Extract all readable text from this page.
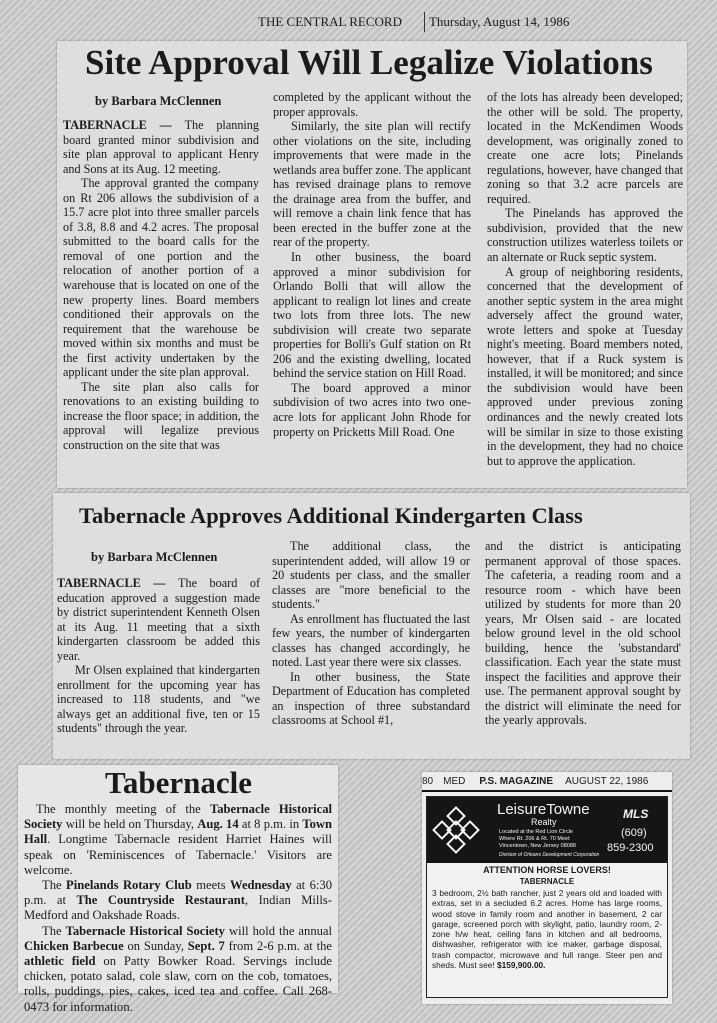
THE CENTRAL RECORD	Thursday, August 14, 1986
Site Approval Will Legalize Violations
by Barbara McClennen

TABERNACLE — The planning board granted minor subdivision and site plan approval to applicant Henry and Sons at its Aug. 12 meeting.

The approval granted the company on Rt 206 allows the subdivision of a 15.7 acre plot into three smaller parcels of 3.8, 8.8 and 4.2 acres. The proposal submitted to the board calls for the removal of one portion and the relocation of another portion of a warehouse that is located on one of the new property lines. Board members conditioned their approvals on the requirement that the warehouse be moved within six months and must be the first activity undertaken by the applicant under the site plan approval.

The site plan also calls for renovations to an existing building to increase the floor space; in addition, the approval will legalize previous construction on the site that was

completed by the applicant without the proper approvals.

Similarly, the site plan will rectify other violations on the site, including improvements that were made in the wetlands area buffer zone. The applicant has revised drainage plans to remove the drainage area from the buffer, and will remove a chain link fence that has been erected in the buffer zone at the rear of the property.

In other business, the board approved a minor subdivision for Orlando Bolli that will allow the applicant to realign lot lines and create two lots from three lots. The new subdivision will create two separate properties for Bolli's Gulf station on Rt 206 and the existing dwelling, located behind the service station on Hill Road.

The board approved a minor subdivision of two acres into two one-acre lots for applicant John Rhode for property on Pricketts Mill Road. One

of the lots has already been developed; the other will be sold. The property, located in the McKendimen Woods development, was originally zoned to create one acre lots; Pinelands regulations, however, have changed that zoning so that 3.2 acre parcels are required.

The Pinelands has approved the subdivision, provided that the new construction utilizes waterless toilets or an alternate or Ruck septic system.

A group of neighboring residents, concerned that the development of another septic system in the area might adversely affect the ground water, wrote letters and spoke at Tuesday night's meeting. Board members noted, however, that if a Ruck system is installed, it will be monitored; and since the subdivision would have been approved under previous zoning ordinances and the newly created lots will be similar in size to those existing in the development, they had no choice but to approve the application.

Tabernacle Approves Additional Kindergarten Class
by Barbara McClennen

TABERNACLE — The board of education approved a suggestion made by district superintendent Kenneth Olsen at its Aug. 11 meeting that a sixth kindergarten classroom be added this year.

Mr Olsen explained that kindergarten enrollment for the upcoming year has increased to 118 students, and "we always get an additional five, ten or 15 students" through the year.

The additional class, the superintendent added, will allow 19 or 20 students per class, and the smaller classes are "more beneficial to the students."

As enrollment has fluctuated the last few years, the number of kindergarten classes has changed accordingly, he noted. Last year there were six classes.

In other business, the State Department of Education has completed an inspection of three substandard classrooms at School #1,

and the district is anticipating permanent approval of those spaces. The cafeteria, a reading room and a resource room - which have been utilized by students for more than 20 years, Mr Olsen said - are located below ground level in the old school building, hence the 'substandard' classification. Each year the state must inspect the facilities and approve their use. The permanent approval sought by the district will eliminate the need for the yearly approvals.

Tabernacle

The monthly meeting of the Tabernacle Historical Society will be held on Thursday, Aug. 14 at 8 p.m. in Town Hall. Longtime Tabernacle resident Harriet Haines will speak on 'Reminiscences of Tabernacle.' Visitors are welcome.

The Pinelands Rotary Club meets Wednesday at 6:30 p.m. at The Countryside Restaurant, Indian Mills-Medford and Oakshade Roads.

The Tabernacle Historical Society will hold the annual Chicken Barbecue on Sunday, Sept. 7 from 2-6 p.m. at the athletic field on Patty Bowker Road. Servings include chicken, potato salad, cole slaw, corn on the cob, tomatoes, rolls, puddings, pies, cakes, iced tea and coffee. Call 268-0473 for information.

80 MED P.S. MAGAZINE AUGUST 22, 1986
LeisureTowne
Realty
Located at the Red Lion Circle
Where Rt. 206 & Rt. 70 Meet
Vincentown, New Jersey 08088
Division of Orleans Development Corporation
MLS
(609)
859-2300
ATTENTION HORSE LOVERS!
TABERNACLE
3 bedroom, 2½ bath rancher, just 2 years old and loaded with extras, set in a secluded 6.2 acres. Home has large rooms, wood stove in family room and another in basement, 2 car garage, screened porch with skylight, patio, laundry room, 2-zone h/w heat, ceiling fans in kitchen and all bedrooms, dishwasher, refrigerator with ice maker, garbage disposal, trash compactor, microwave and full range. Steer pen and sheds. Must see! $159,900.00.
